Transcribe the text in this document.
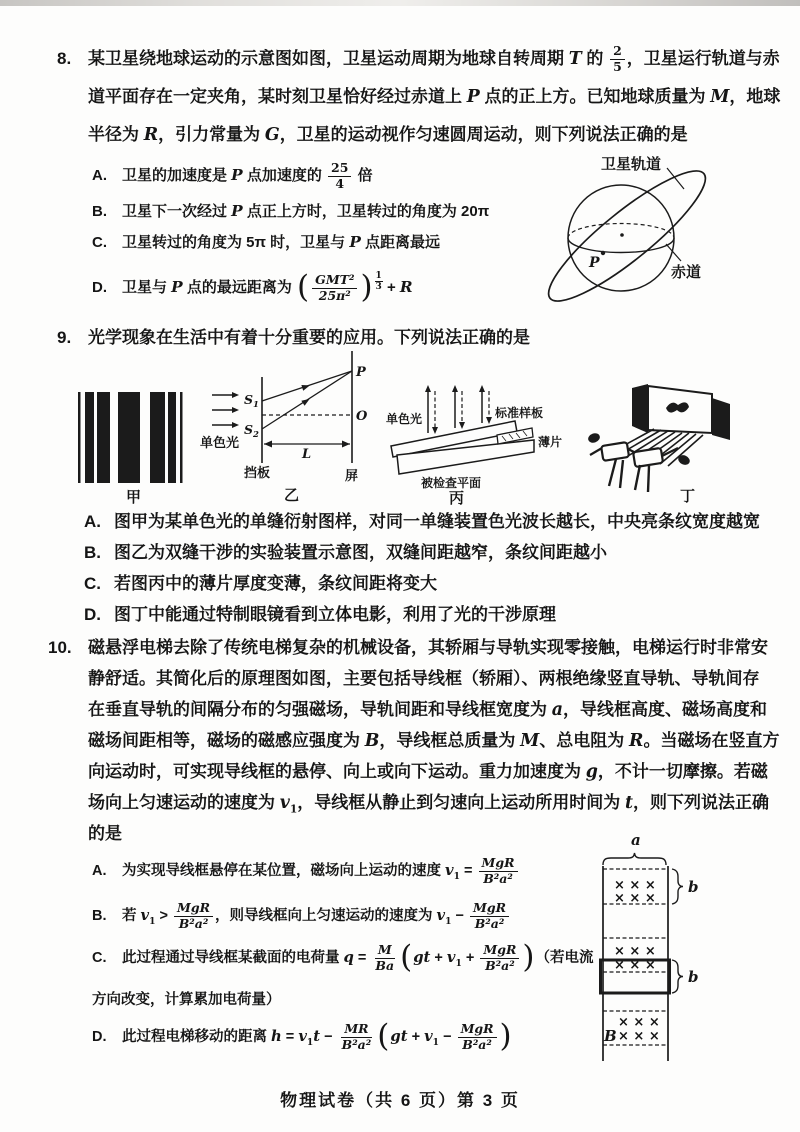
8. 某卫星绕地球运动的示意图如图，卫星运动周期为地球自转周期 T 的 $\frac{2}{5}$ ，卫星运行轨道与赤
道平面存在一定夹角，某时刻卫星恰好经过赤道上 P 点的正上方。已知地球质量为 M，地球
半径为 R，引力常量为 G，卫星的运动视作匀速圆周运动，则下列说法正确的是
A. 卫星的加速度是 P 点加速度的 $\frac{25}{4}$ 倍
B. 卫星下一次经过 P 点正上方时，卫星转过的角度为 20π
C. 卫星转过的角度为 5π 时，卫星与 P 点距离最远
D. 卫星与 P 点的最远距离为 ( $\frac{\text{GMT²}}{\text{25π²}}$ ) $\frac{1}{3} + R$
P
卫星轨道
赤道
9. 光学现象在生活中有着十分重要的应用。下列说法正确的是
甲
单色光
$S_1$
$S_2$
P
O
L
挡板	屏
乙
单色光	标准样板
薄片
被检查平面
丙	丁
A. 图甲为某单色光的单缝衍射图样，对同一单缝装置色光波长越长，中央亮条纹宽度越宽
B. 图乙为双缝干涉的实验装置示意图，双缝间距越窄，条纹间距越小
C. 若图丙中的薄片厚度变薄，条纹间距将变大
D. 图丁中能通过特制眼镜看到立体电影，利用了光的干涉原理
10. 磁悬浮电梯去除了传统电梯复杂的机械设备，其轿厢与导轨实现零接触，电梯运行时非常安
静舒适。其简化后的原理图如图，主要包括导线框（轿厢）、两根绝缘竖直导轨、导轨间存
在垂直导轨的间隔分布的匀强磁场，导轨间距和导线框宽度为 a，导线框高度、磁场高度和
磁场间距相等，磁场的磁感应强度为 B，导线框总质量为 M、总电阻为 R。当磁场在竖直方
向运动时，可实现导线框的悬停、向上或向下运动。重力加速度为 g，不计一切摩擦。若磁
场向上匀速运动的速度为 $v_1$，导线框从静止到匀速向上运动所用时间为 t，则下列说法正确
的是
A. 为实现导线框悬停在某位置，磁场向上运动的速度 $v_1 = \frac{\text{MgR}}{\text{B²a²}}$
B. 若 $v_1 > \frac{\text{MgR}}{\text{B²a²}}$ ，则导线框向上匀速运动的速度为 $v_1 - \frac{\text{MgR}}{\text{B²a²}}$
C. 此过程通过导线框某截面的电荷量 $q = \frac{M}{Ba} (gt + v_1 + \frac{\text{MgR}}{\text{B²a²}}$ )（若电流
方向改变，计算累加电荷量）
D. 此过程电梯移动的距离 $h = v_1t - \frac{MR}{\text{B²a²}} (gt + v_1 - \frac{\text{MgR}}{\text{B²a²}}$ )
a
× × ×
× × ×
× × ×
× × ×
× × ×
× × ×
b
b
B
物理试卷（共 6 页）第 3 页
